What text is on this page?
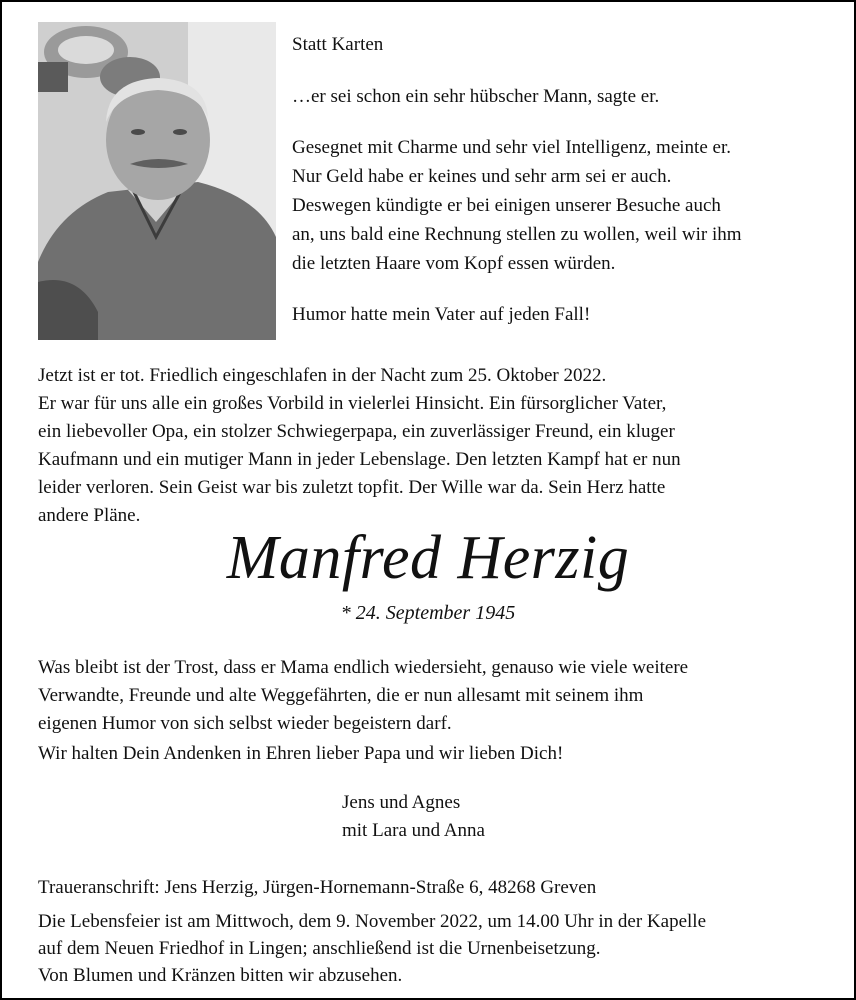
Statt Karten

…er sei schon ein sehr hübscher Mann, sagte er.

Gesegnet mit Charme und sehr viel Intelligenz, meinte er.
Nur Geld habe er keines und sehr arm sei er auch.
Deswegen kündigte er bei einigen unserer Besuche auch
an, uns bald eine Rechnung stellen zu wollen, weil wir ihm
die letzten Haare vom Kopf essen würden.

Humor hatte mein Vater auf jeden Fall!

Jetzt ist er tot. Friedlich eingeschlafen in der Nacht zum 25. Oktober 2022.
Er war für uns alle ein großes Vorbild in vielerlei Hinsicht. Ein fürsorglicher Vater,
ein liebevoller Opa, ein stolzer Schwiegerpapa, ein zuverlässiger Freund, ein kluger
Kaufmann und ein mutiger Mann in jeder Lebenslage. Den letzten Kampf hat er nun
leider verloren. Sein Geist war bis zuletzt topfit. Der Wille war da. Sein Herz hatte
andere Pläne.

Manfred Herzig
* 24. September 1945

Was bleibt ist der Trost, dass er Mama endlich wiedersieht, genauso wie viele weitere
Verwandte, Freunde und alte Weggefährten, die er nun allesamt mit seinem ihm
eigenen Humor von sich selbst wieder begeistern darf.

Wir halten Dein Andenken in Ehren lieber Papa und wir lieben Dich!

Jens und Agnes
mit Lara und Anna

Traueranschrift: Jens Herzig, Jürgen-Hornemann-Straße 6, 48268 Greven

Die Lebensfeier ist am Mittwoch, dem 9. November 2022, um 14.00 Uhr in der Kapelle
auf dem Neuen Friedhof in Lingen; anschließend ist die Urnenbeisetzung.
Von Blumen und Kränzen bitten wir abzusehen.
